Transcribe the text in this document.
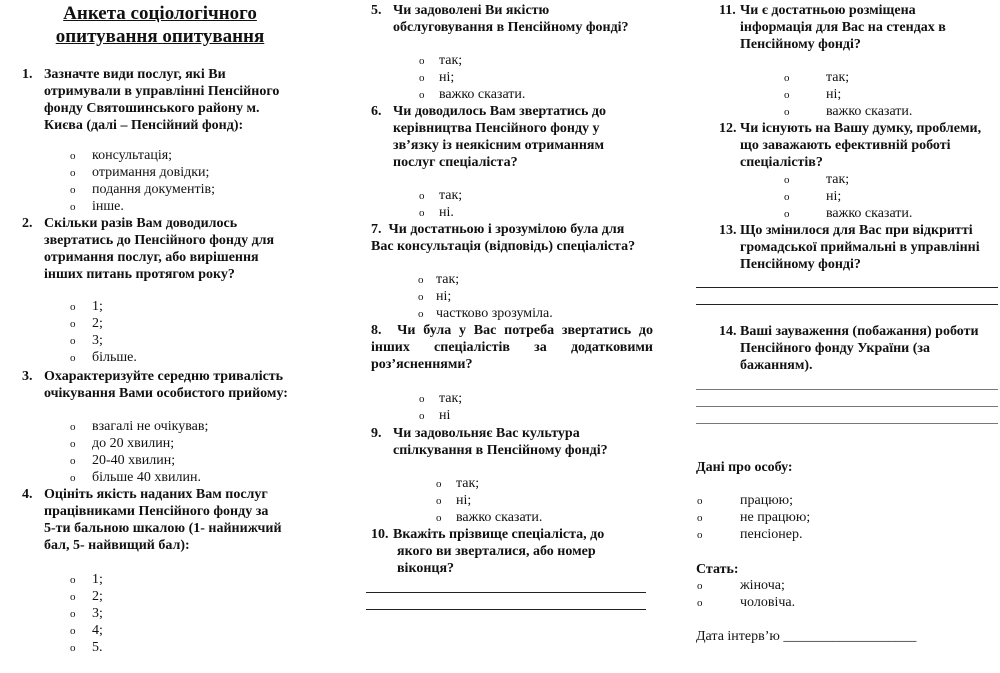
Анкета соціологічного
опитування опитування
1. Зазначте види послуг, які Ви
отримували в управлінні Пенсійного
фонду Святошинського району м.
Києва (далі – Пенсійний фонд):
o консультація;
o отримання довідки;
o подання документів;
o інше.
2. Скільки разів Вам доводилось
звертатись до Пенсійного фонду для
отримання послуг, або вирішення
інших питань протягом року?
o 1;
o 2;
o 3;
o більше.
3. Охарактеризуйте середню тривалість
очікування Вами особистого прийому:
o взагалі не очікував;
o до 20 хвилин;
o 20-40 хвилин;
o більше 40 хвилин.
4. Оцініть якість наданих Вам послуг
працівниками Пенсійного фонду за
5-ти бальною шкалою (1- найнижчий
бал, 5- найвищий бал):
o 1;
o 2;
o 3;
o 4;
o 5.
5. Чи задоволені Ви якістю
обслуговування в Пенсійному фонді?
o так;
o ні;
o важко сказати.
6. Чи доводилось Вам звертатись до
керівництва Пенсійного фонду у
зв’язку із неякісним отриманням
послуг спеціаліста?
o так;
o ні.
7. Чи достатньою і зрозумілою була для
Вас консультація (відповідь) спеціаліста?
o так;
o ні;
o частково зрозуміла.
8. Чи була у Вас потреба звертатись до
інших спеціалістів за додатковими
роз’ясненнями?
o так;
o ні
9. Чи задовольняє Вас культура
спілкування в Пенсійному фонді?
o так;
o ні;
o важко сказати.
10. Вкажіть прізвище спеціаліста, до
якого ви зверталися, або номер
віконця?
11. Чи є достатньою розміщена
інформація для Вас на стендах в
Пенсійному фонді?
o	так;
o	ні;
o	важко сказати.
12. Чи існують на Вашу думку, проблеми,
що заважають ефективній роботі
спеціалістів?
o	так;
o	ні;
o	важко сказати.
13. Що змінилося для Вас при відкритті
громадської приймальні в управлінні
Пенсійному фонді?
14. Ваші зауваження (побажання) роботи
Пенсійного фонду України (за
бажанням).
Дані про особу:
o	працюю;
o	не працюю;
o	пенсіонер.
Стать:
o	жіноча;
o	чоловіча.
Дата інтерв’ю ___________________
